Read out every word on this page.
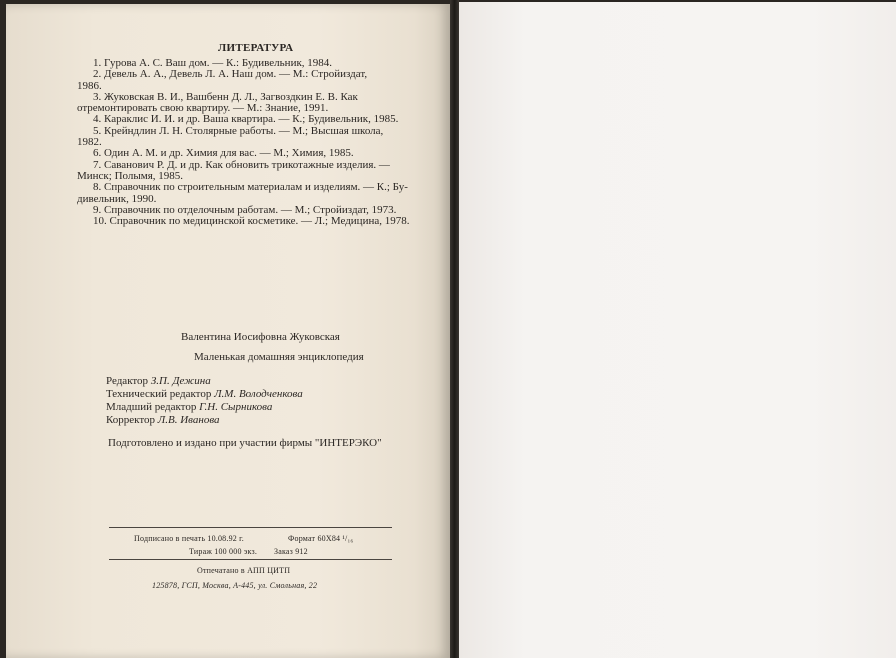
ЛИТЕРАТУРА
1. Гурова А. С. Ваш дом. — К.: Будивельник, 1984.
2. Девель А. А., Девель Л. А. Наш дом. — М.: Стройиздат,
1986.
3. Жуковская В. И., Вашбенн Д. Л., Загвоздкин Е. В. Как
отремонтировать свою квартиру. — М.: Знание, 1991.
4. Караклис И. И. и др. Ваша квартира. — К.; Будивельник, 1985.
5. Крейндлин Л. Н. Столярные работы. — М.; Высшая школа,
1982.
6. Один А. М. и др. Химия для вас. — М.; Химия, 1985.
7. Саванович Р. Д. и др. Как обновить трикотажные изделия. —
Минск; Полымя, 1985.
8. Справочник по строительным материалам и изделиям. — К.; Бу-
дивельник, 1990.
9. Справочник по отделочным работам. — М.; Стройиздат, 1973.
10. Справочник по медицинской косметике. — Л.; Медицина, 1978.
Валентина Иосифовна Жуковская
Маленькая домашняя энциклопедия
Редактор З.П. Дежина
Технический редактор Л.М. Володченкова
Младший редактор Г.Н. Сырникова
Корректор Л.В. Иванова
Подготовлено и издано при участии фирмы "ИНТЕРЭКО"
Подписано в печать 10.08.92 г.	Формат 60Х84 ¹/₁₆
Тираж 100 000 экз. Заказ 912
Отпечатано в АПП ЦИТП
125878, ГСП, Москва, А-445, ул. Смольная, 22
